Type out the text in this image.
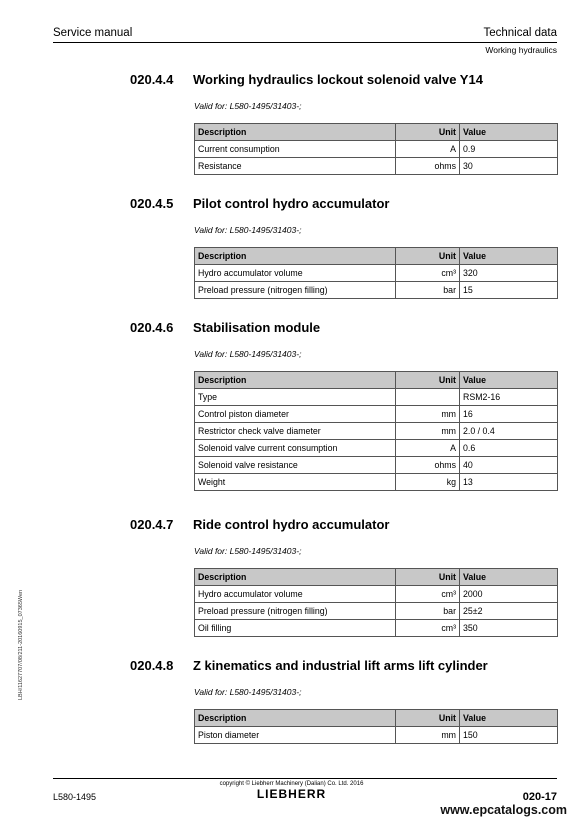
Service manual	Technical data
Working hydraulics
020.4.4 Working hydraulics lockout solenoid valve Y14
Valid for: L580-1495/31403-;
Description	Unit	Value
Current consumption	A	0.9
Resistance	ohms	30
020.4.5 Pilot control hydro accumulator
Valid for: L580-1495/31403-;
Description	Unit	Value
Hydro accumulator volume	cm³	320
Preload pressure (nitrogen filling)	bar	15
020.4.6 Stabilisation module
Valid for: L580-1495/31403-;
Description	Unit	Value
Type		RSM2-16
Control piston diameter	mm	16
Restrictor check valve diameter	mm	2.0 / 0.4
Solenoid valve current consumption	A	0.6
Solenoid valve resistance	ohms	40
Weight	kg	13
020.4.7 Ride control hydro accumulator
Valid for: L580-1495/31403-;
Description	Unit	Value
Hydro accumulator volume	cm³	2000
Preload pressure (nitrogen filling)	bar	25±2
Oil filling	cm³	350
020.4.8 Z kinematics and industrial lift arms lift cylinder
Valid for: L580-1495/31403-;
Description	Unit	Value
Piston diameter	mm	150
LBH/11627707/08/211-20160915_07365Wen
copyright © Liebherr Machinery (Dalian) Co. Ltd. 2016
L580-1495	LIEBHERR	020-17
www.epcatalogs.com
